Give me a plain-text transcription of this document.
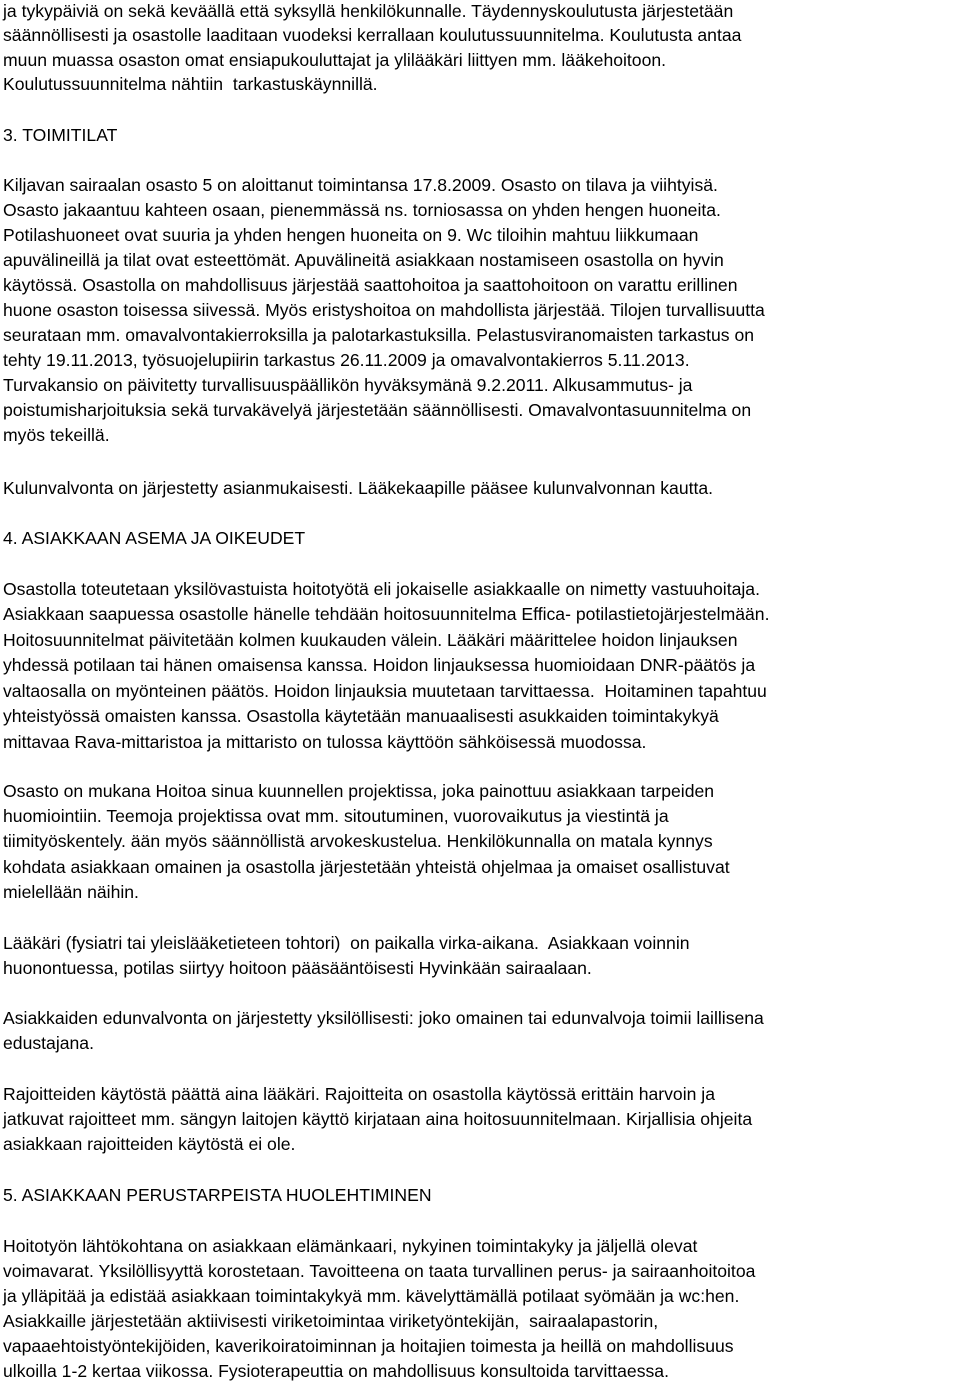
ja tykypäiviä on sekä keväällä että syksyllä henkilökunnalle. Täydennyskoulutusta järjestetään
säännöllisesti ja osastolle laaditaan vuodeksi kerrallaan koulutussuunnitelma. Koulutusta antaa
muun muassa osaston omat ensiapukouluttajat ja ylilääkäri liittyen mm. lääkehoitoon.
Koulutussuunnitelma nähtiin  tarkastuskäynnillä.
3. TOIMITILAT
Kiljavan sairaalan osasto 5 on aloittanut toimintansa 17.8.2009. Osasto on tilava ja viihtyisä.
Osasto jakaantuu kahteen osaan, pienemmässä ns. torniosassa on yhden hengen huoneita.
Potilashuoneet ovat suuria ja yhden hengen huoneita on 9. Wc tiloihin mahtuu liikkumaan
apuvälineillä ja tilat ovat esteettömät. Apuvälineitä asiakkaan nostamiseen osastolla on hyvin
käytössä. Osastolla on mahdollisuus järjestää saattohoitoa ja saattohoitoon on varattu erillinen
huone osaston toisessa siivessä. Myös eristyshoitoa on mahdollista järjestää. Tilojen turvallisuutta
seurataan mm. omavalvontakierroksilla ja palotarkastuksilla. Pelastusviranomaisten tarkastus on
tehty 19.11.2013, työsuojelupiirin tarkastus 26.11.2009 ja omavalvontakierros 5.11.2013.
Turvakansio on päivitetty turvallisuuspäällikön hyväksymänä 9.2.2011. Alkusammutus- ja
poistumisharjoituksia sekä turvakävelyä järjestetään säännöllisesti. Omavalvontasuunnitelma on
myös tekeillä.
Kulunvalvonta on järjestetty asianmukaisesti. Lääkekaapille pääsee kulunvalvonnan kautta.
4. ASIAKKAAN ASEMA JA OIKEUDET
Osastolla toteutetaan yksilövastuista hoitotyötä eli jokaiselle asiakkaalle on nimetty vastuuhoitaja.
Asiakkaan saapuessa osastolle hänelle tehdään hoitosuunnitelma Effica- potilastietojärjestelmään.
Hoitosuunnitelmat päivitetään kolmen kuukauden välein. Lääkäri määrittelee hoidon linjauksen
yhdessä potilaan tai hänen omaisensa kanssa. Hoidon linjauksessa huomioidaan DNR-päätös ja
valtaosalla on myönteinen päätös. Hoidon linjauksia muutetaan tarvittaessa.  Hoitaminen tapahtuu
yhteistyössä omaisten kanssa. Osastolla käytetään manuaalisesti asukkaiden toimintakykyä
mittavaa Rava-mittaristoa ja mittaristo on tulossa käyttöön sähköisessä muodossa.
Osasto on mukana Hoitoa sinua kuunnellen projektissa, joka painottuu asiakkaan tarpeiden
huomiointiin. Teemoja projektissa ovat mm. sitoutuminen, vuorovaikutus ja viestintä ja
tiimityöskentely. ään myös säännöllistä arvokeskustelua. Henkilökunnalla on matala kynnys
kohdata asiakkaan omainen ja osastolla järjestetään yhteistä ohjelmaa ja omaiset osallistuvat
mielellään näihin.
Lääkäri (fysiatri tai yleislääketieteen tohtori)  on paikalla virka-aikana.  Asiakkaan voinnin
huonontuessa, potilas siirtyy hoitoon pääsääntöisesti Hyvinkään sairaalaan.
Asiakkaiden edunvalvonta on järjestetty yksilöllisesti: joko omainen tai edunvalvoja toimii laillisena
edustajana.
Rajoitteiden käytöstä päättä aina lääkäri. Rajoitteita on osastolla käytössä erittäin harvoin ja
jatkuvat rajoitteet mm. sängyn laitojen käyttö kirjataan aina hoitosuunnitelmaan. Kirjallisia ohjeita
asiakkaan rajoitteiden käytöstä ei ole.
5. ASIAKKAAN PERUSTARPEISTA HUOLEHTIMINEN
Hoitotyön lähtökohtana on asiakkaan elämänkaari, nykyinen toimintakyky ja jäljellä olevat
voimavarat. Yksilöllisyyttä korostetaan. Tavoitteena on taata turvallinen perus- ja sairaanhoitoitoa
ja ylläpitää ja edistää asiakkaan toimintakykyä mm. kävelyttämällä potilaat syömään ja wc:hen.
Asiakkaille järjestetään aktiivisesti viriketoimintaa viriketyöntekijän,  sairaalapastorin,
vapaaehtoistyöntekijöiden, kaverikoiratoiminnan ja hoitajien toimesta ja heillä on mahdollisuus
ulkoilla 1-2 kertaa viikossa. Fysioterapeuttia on mahdollisuus konsultoida tarvittaessa.
